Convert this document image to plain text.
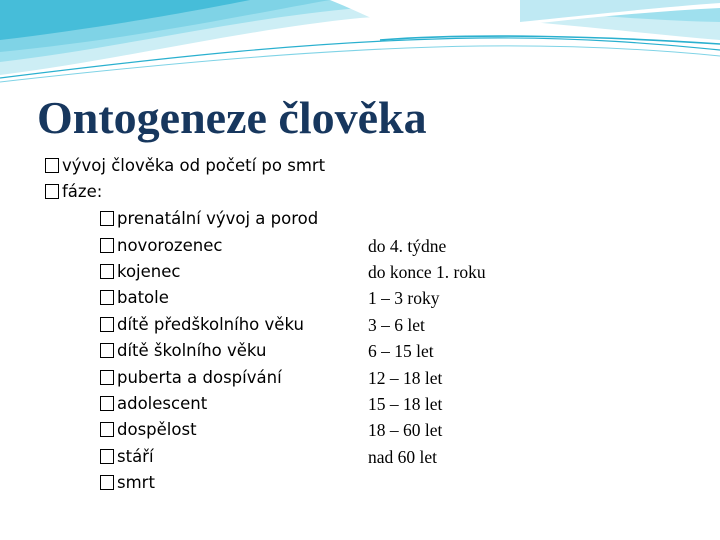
Ontogeneze člověka
vývoj člověka od početí po smrt
fáze:
prenatální vývoj a porod
novorozenec
kojenec
batole
dítě předškolního věku
dítě školního věku
puberta a dospívání
adolescent
dospělost
stáří
smrt
do 4. týdne
do konce 1. roku
1 – 3 roky
3 – 6 let
6 – 15 let
12 – 18 let
15 – 18 let
18 – 60 let
nad 60 let
